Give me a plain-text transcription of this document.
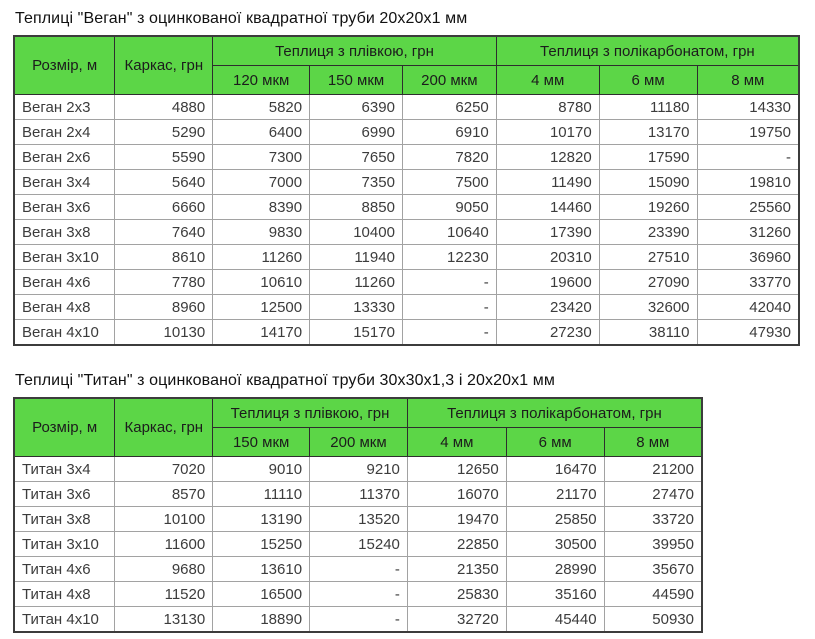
Теплиці "Веган" з оцинкованої квадратної труби 20х20х1 мм
Розмір, м	Каркас, грн	Теплиця з плівкою, грн			Теплиця з полікарбонатом, грн		
		120 мкм	150 мкм	200 мкм	4 мм	6 мм	8 мм
Веган 2х3	4880	5820	6390	6250	8780	11180	14330
Веган 2х4	5290	6400	6990	6910	10170	13170	19750
Веган 2х6	5590	7300	7650	7820	12820	17590	-
Веган 3х4	5640	7000	7350	7500	11490	15090	19810
Веган 3х6	6660	8390	8850	9050	14460	19260	25560
Веган 3х8	7640	9830	10400	10640	17390	23390	31260
Веган 3х10	8610	11260	11940	12230	20310	27510	36960
Веган 4х6	7780	10610	11260	-	19600	27090	33770
Веган 4х8	8960	12500	13330	-	23420	32600	42040
Веган 4х10	10130	14170	15170	-	27230	38110	47930
Теплиці "Титан" з оцинкованої квадратної труби 30х30х1,3 і 20х20х1 мм
Розмір, м	Каркас, грн	Теплиця з плівкою, грн		Теплиця з полікарбонатом, грн		
		150 мкм	200 мкм	4 мм	6 мм	8 мм
Титан 3х4	7020	9010	9210	12650	16470	21200
Титан 3х6	8570	11110	11370	16070	21170	27470
Титан 3х8	10100	13190	13520	19470	25850	33720
Титан 3х10	11600	15250	15240	22850	30500	39950
Титан 4х6	9680	13610	-	21350	28990	35670
Титан 4х8	11520	16500	-	25830	35160	44590
Титан 4х10	13130	18890	-	32720	45440	50930
